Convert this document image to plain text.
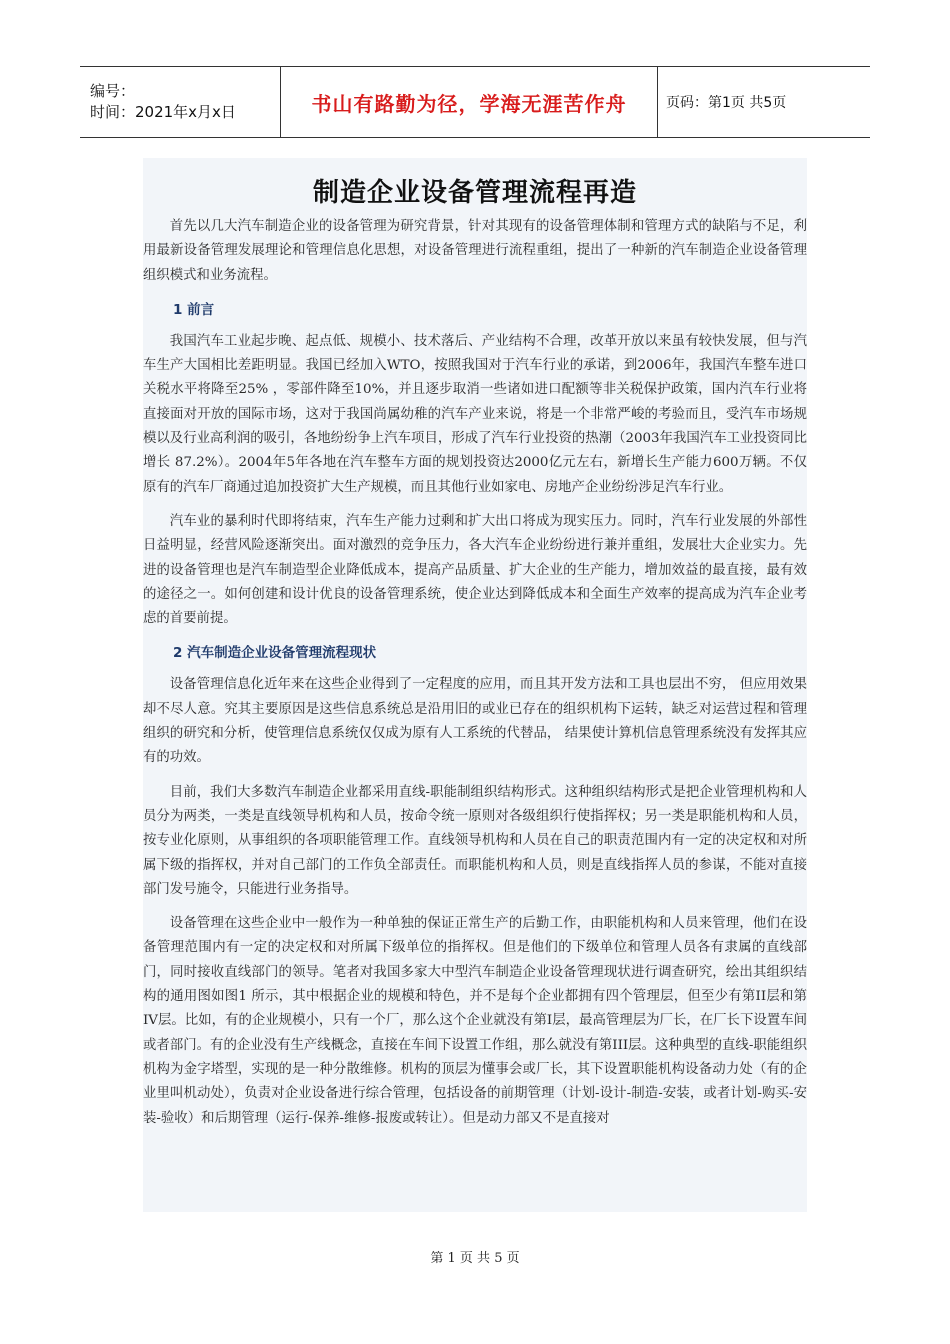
编号：
时间：2021年x月x日	书山有路勤为径，学海无涯苦作舟	页码：第1页 共5页
制造企业设备管理流程再造

首先以几大汽车制造企业的设备管理为研究背景，针对其现有的设备管理体制和管理方式的缺陷与不足，利用最新设备管理发展理论和管理信息化思想，对设备管理进行流程重组，提出了一种新的汽车制造企业设备管理组织模式和业务流程。

1 前言

我国汽车工业起步晚、起点低、规模小、技术落后、产业结构不合理，改革开放以来虽有较快发展，但与汽车生产大国相比差距明显。我国已经加入WTO，按照我国对于汽车行业的承诺，到2006年，我国汽车整车进口关税水平将降至25% ，零部件降至10%，并且逐步取消一些诸如进口配额等非关税保护政策，国内汽车行业将直接面对开放的国际市场，这对于我国尚属幼稚的汽车产业来说，将是一个非常严峻的考验而且，受汽车市场规模以及行业高利润的吸引，各地纷纷争上汽车项目，形成了汽车行业投资的热潮（2003年我国汽车工业投资同比增长 87.2%）。2004年5年各地在汽车整车方面的规划投资达2000亿元左右，新增长生产能力600万辆。不仅原有的汽车厂商通过追加投资扩大生产规模，而且其他行业如家电、房地产企业纷纷涉足汽车行业。

汽车业的暴利时代即将结束，汽车生产能力过剩和扩大出口将成为现实压力。同时，汽车行业发展的外部性日益明显，经营风险逐渐突出。面对激烈的竞争压力，各大汽车企业纷纷进行兼并重组，发展壮大企业实力。先进的设备管理也是汽车制造型企业降低成本，提高产品质量、扩大企业的生产能力，增加效益的最直接，最有效的途径之一。如何创建和设计优良的设备管理系统，使企业达到降低成本和全面生产效率的提高成为汽车企业考虑的首要前提。

2 汽车制造企业设备管理流程现状

设备管理信息化近年来在这些企业得到了一定程度的应用，而且其开发方法和工具也层出不穷， 但应用效果却不尽人意。究其主要原因是这些信息系统总是沿用旧的或业已存在的组织机构下运转，缺乏对运营过程和管理组织的研究和分析，使管理信息系统仅仅成为原有人工系统的代替品， 结果使计算机信息管理系统没有发挥其应有的功效。

目前，我们大多数汽车制造企业都采用直线-职能制组织结构形式。这种组织结构形式是把企业管理机构和人员分为两类，一类是直线领导机构和人员，按命令统一原则对各级组织行使指挥权；另一类是职能机构和人员，按专业化原则，从事组织的各项职能管理工作。直线领导机构和人员在自己的职责范围内有一定的决定权和对所属下级的指挥权，并对自己部门的工作负全部责任。而职能机构和人员，则是直线指挥人员的参谋，不能对直接部门发号施令，只能进行业务指导。

设备管理在这些企业中一般作为一种单独的保证正常生产的后勤工作，由职能机构和人员来管理，他们在设备管理范围内有一定的决定权和对所属下级单位的指挥权。但是他们的下级单位和管理人员各有隶属的直线部门，同时接收直线部门的领导。笔者对我国多家大中型汽车制造企业设备管理现状进行调查研究，绘出其组织结构的通用图如图1 所示，其中根据企业的规模和特色，并不是每个企业都拥有四个管理层，但至少有第II层和第IV层。比如，有的企业规模小，只有一个厂，那么这个企业就没有第I层，最高管理层为厂长，在厂长下设置车间或者部门。有的企业没有生产线概念，直接在车间下设置工作组，那么就没有第III层。这种典型的直线-职能组织机构为金字塔型，实现的是一种分散维修。机构的顶层为懂事会或厂长，其下设置职能机构设备动力处（有的企业里叫机动处），负责对企业设备进行综合管理，包括设备的前期管理（计划-设计-制造-安装，或者计划-购买-安装-验收）和后期管理（运行-保养-维修-报废或转让）。但是动力部又不是直接对

第 1 页 共 5 页
